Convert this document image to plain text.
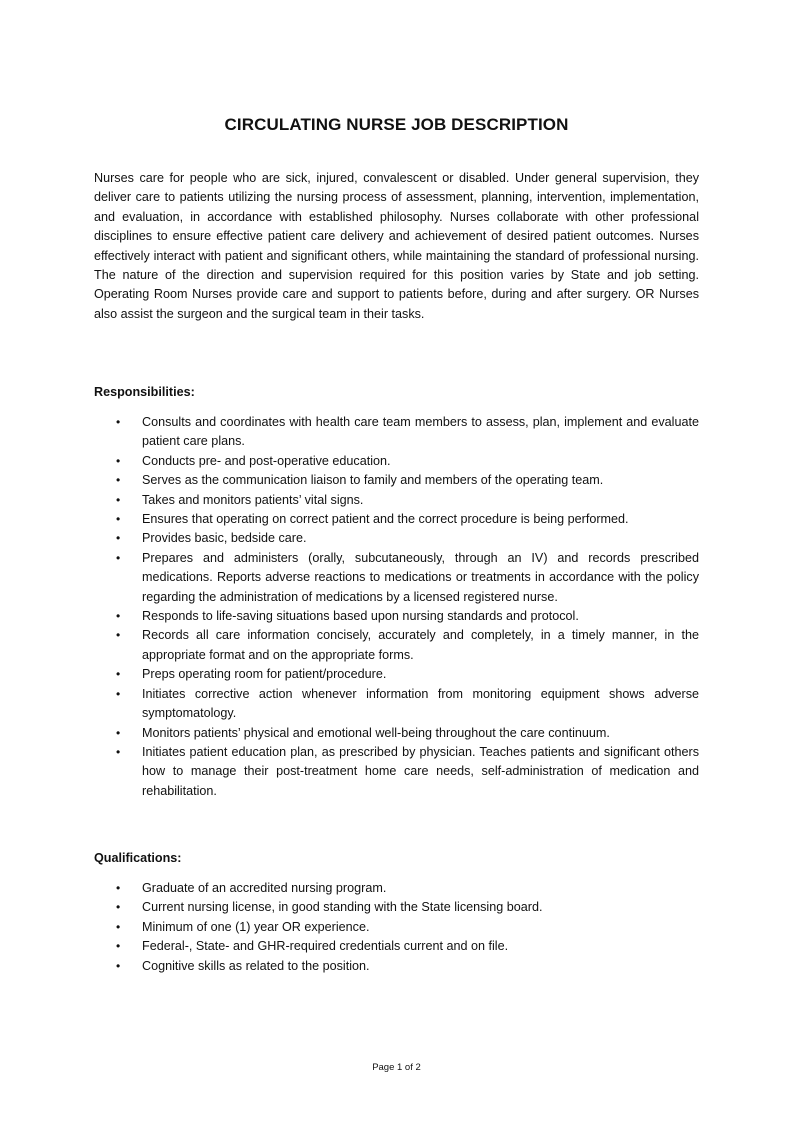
CIRCULATING NURSE JOB DESCRIPTION

Nurses care for people who are sick, injured, convalescent or disabled. Under general supervision, they deliver care to patients utilizing the nursing process of assessment, planning, intervention, implementation, and evaluation, in accordance with established philosophy. Nurses collaborate with other professional disciplines to ensure effective patient care delivery and achievement of desired patient outcomes. Nurses effectively interact with patient and significant others, while maintaining the standard of professional nursing. The nature of the direction and supervision required for this position varies by State and job setting. Operating Room Nurses provide care and support to patients before, during and after surgery. OR Nurses also assist the surgeon and the surgical team in their tasks.

Responsibilities:
• Consults and coordinates with health care team members to assess, plan, implement and evaluate patient care plans.
• Conducts pre- and post-operative education.
• Serves as the communication liaison to family and members of the operating team.
• Takes and monitors patients’ vital signs.
• Ensures that operating on correct patient and the correct procedure is being performed.
• Provides basic, bedside care.
• Prepares and administers (orally, subcutaneously, through an IV) and records prescribed medications. Reports adverse reactions to medications or treatments in accordance with the policy regarding the administration of medications by a licensed registered nurse.
• Responds to life-saving situations based upon nursing standards and protocol.
• Records all care information concisely, accurately and completely, in a timely manner, in the appropriate format and on the appropriate forms.
• Preps operating room for patient/procedure.
• Initiates corrective action whenever information from monitoring equipment shows adverse symptomatology.
• Monitors patients’ physical and emotional well-being throughout the care continuum.
• Initiates patient education plan, as prescribed by physician. Teaches patients and significant others how to manage their post-treatment home care needs, self-administration of medication and rehabilitation.
Qualifications:
• Graduate of an accredited nursing program.
• Current nursing license, in good standing with the State licensing board.
• Minimum of one (1) year OR experience.
• Federal-, State- and GHR-required credentials current and on file.
• Cognitive skills as related to the position.
Page 1 of 2
